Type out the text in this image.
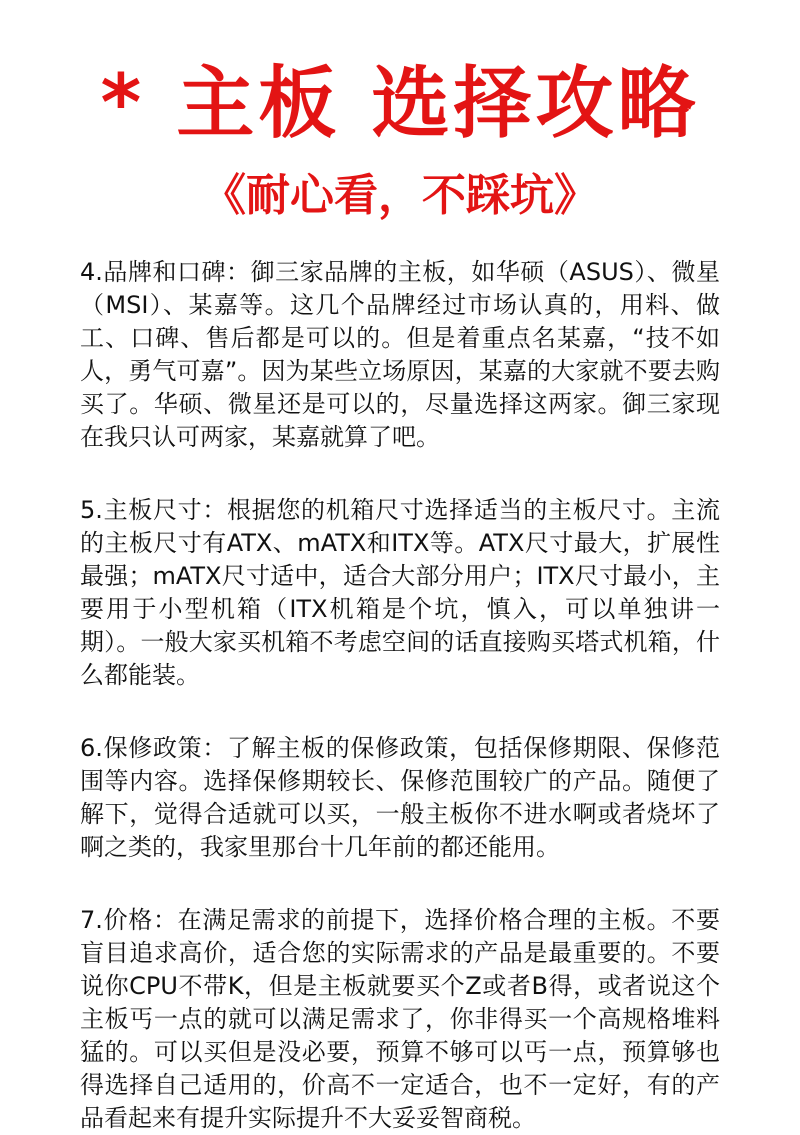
* 主板 选择攻略
《耐心看，不踩坑》

4.品牌和口碑：御三家品牌的主板，如华硕（ASUS）、微星（MSI）、某嘉等。这几个品牌经过市场认真的，用料、做工、口碑、售后都是可以的。但是着重点名某嘉，“技不如人，勇气可嘉”。因为某些立场原因，某嘉的大家就不要去购买了。华硕、微星还是可以的，尽量选择这两家。御三家现在我只认可两家，某嘉就算了吧。

5.主板尺寸：根据您的机箱尺寸选择适当的主板尺寸。主流的主板尺寸有ATX、mATX和ITX等。ATX尺寸最大，扩展性最强；mATX尺寸适中，适合大部分用户；ITX尺寸最小，主要用于小型机箱（ITX机箱是个坑，慎入，可以单独讲一期）。一般大家买机箱不考虑空间的话直接购买塔式机箱，什么都能装。

6.保修政策：了解主板的保修政策，包括保修期限、保修范围等内容。选择保修期较长、保修范围较广的产品。随便了解下，觉得合适就可以买，一般主板你不进水啊或者烧坏了啊之类的，我家里那台十几年前的都还能用。

7.价格：在满足需求的前提下，选择价格合理的主板。不要盲目追求高价，适合您的实际需求的产品是最重要的。不要说你CPU不带K，但是主板就要买个Z或者B得，或者说这个主板丐一点的就可以满足需求了，你非得买一个高规格堆料猛的。可以买但是没必要，预算不够可以丐一点，预算够也得选择自己适用的，价高不一定适合，也不一定好，有的产品看起来有提升实际提升不大妥妥智商税。
